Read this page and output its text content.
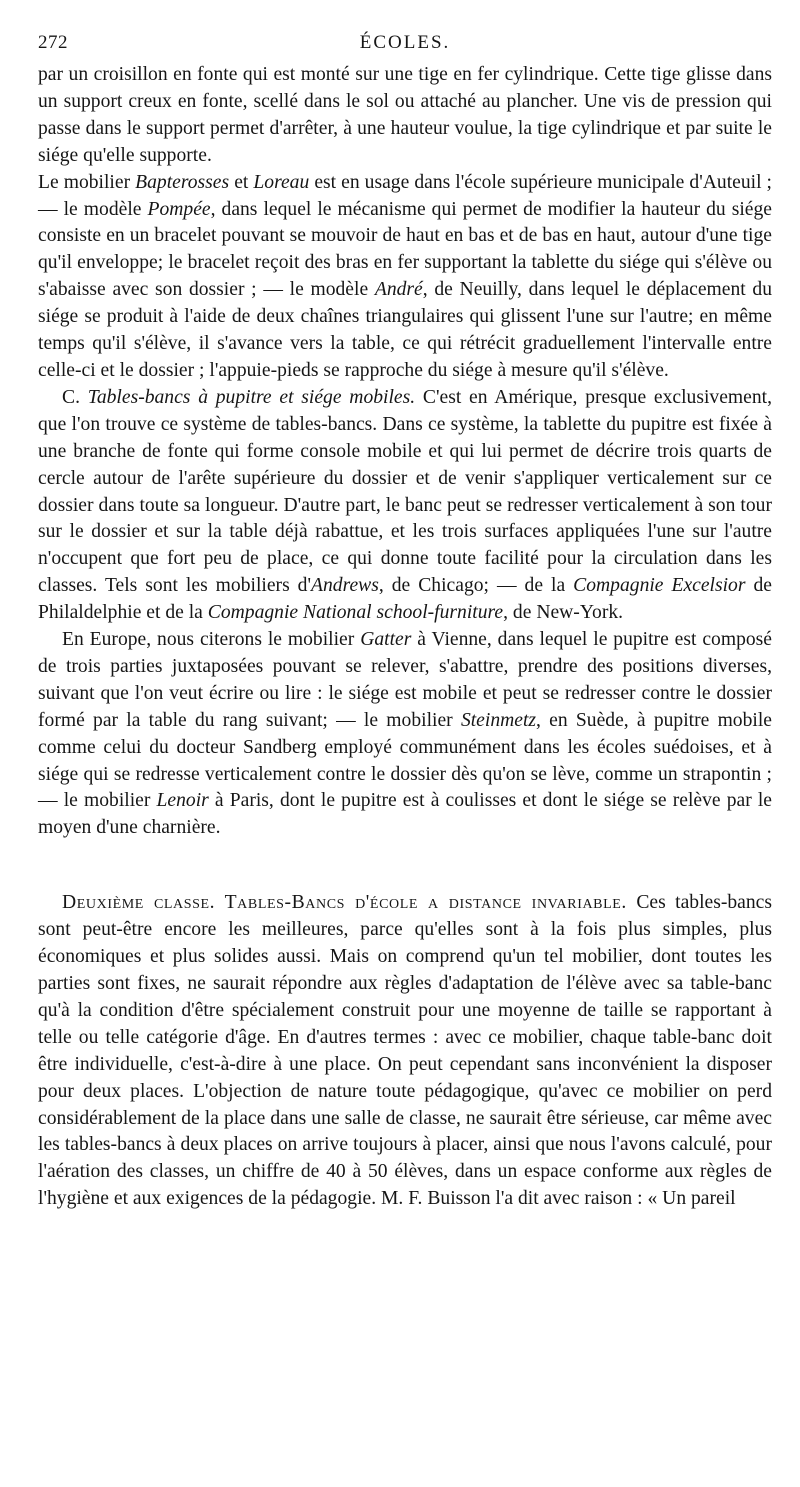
272	ÉCOLES.

par un croisillon en fonte qui est monté sur une tige en fer cylindrique. Cette tige glisse dans un support creux en fonte, scellé dans le sol ou attaché au plancher. Une vis de pression qui passe dans le support permet d'arrêter, à une hauteur voulue, la tige cylindrique et par suite le siége qu'elle supporte.

Le mobilier Bapterosses et Loreau est en usage dans l'école supérieure municipale d'Auteuil ; — le modèle Pompée, dans lequel le mécanisme qui permet de modifier la hauteur du siége consiste en un bracelet pouvant se mouvoir de haut en bas et de bas en haut, autour d'une tige qu'il enveloppe; le bracelet reçoit des bras en fer supportant la tablette du siége qui s'élève ou s'abaisse avec son dossier ; — le modèle André, de Neuilly, dans lequel le déplacement du siége se produit à l'aide de deux chaînes triangulaires qui glissent l'une sur l'autre; en même temps qu'il s'élève, il s'avance vers la table, ce qui rétrécit graduellement l'intervalle entre celle-ci et le dossier ; l'appuie-pieds se rapproche du siége à mesure qu'il s'élève.

C. Tables-bancs à pupitre et siége mobiles. C'est en Amérique, presque exclusivement, que l'on trouve ce système de tables-bancs. Dans ce système, la tablette du pupitre est fixée à une branche de fonte qui forme console mobile et qui lui permet de décrire trois quarts de cercle autour de l'arête supérieure du dossier et de venir s'appliquer verticalement sur ce dossier dans toute sa longueur. D'autre part, le banc peut se redresser verticalement à son tour sur le dossier et sur la table déjà rabattue, et les trois surfaces appliquées l'une sur l'autre n'occupent que fort peu de place, ce qui donne toute facilité pour la circulation dans les classes. Tels sont les mobiliers d'Andrews, de Chicago; — de la Compagnie Excelsior de Philaldelphie et de la Compagnie National school-furniture, de New-York.

En Europe, nous citerons le mobilier Gatter à Vienne, dans lequel le pupitre est composé de trois parties juxtaposées pouvant se relever, s'abattre, prendre des positions diverses, suivant que l'on veut écrire ou lire : le siége est mobile et peut se redresser contre le dossier formé par la table du rang suivant; — le mobilier Steinmetz, en Suède, à pupitre mobile comme celui du docteur Sandberg employé communément dans les écoles suédoises, et à siége qui se redresse verticalement contre le dossier dès qu'on se lève, comme un strapontin ; — le mobilier Lenoir à Paris, dont le pupitre est à coulisses et dont le siége se relève par le moyen d'une charnière.

Deuxième classe. Tables-Bancs d'école a distance invariable. Ces tables-bancs sont peut-être encore les meilleures, parce qu'elles sont à la fois plus simples, plus économiques et plus solides aussi. Mais on comprend qu'un tel mobilier, dont toutes les parties sont fixes, ne saurait répondre aux règles d'adaptation de l'élève avec sa table-banc qu'à la condition d'être spécialement construit pour une moyenne de taille se rapportant à telle ou telle catégorie d'âge. En d'autres termes : avec ce mobilier, chaque table-banc doit être individuelle, c'est-à-dire à une place. On peut cependant sans inconvénient la disposer pour deux places. L'objection de nature toute pédagogique, qu'avec ce mobilier on perd considérablement de la place dans une salle de classe, ne saurait être sérieuse, car même avec les tables-bancs à deux places on arrive toujours à placer, ainsi que nous l'avons calculé, pour l'aération des classes, un chiffre de 40 à 50 élèves, dans un espace conforme aux règles de l'hygiène et aux exigences de la pédagogie. M. F. Buisson l'a dit avec raison : « Un pareil
